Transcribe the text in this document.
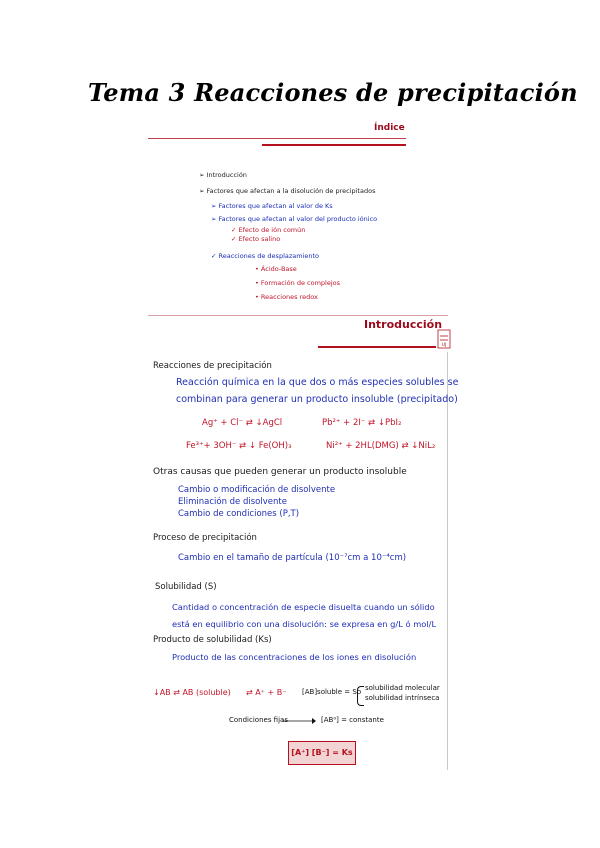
Tema 3 Reacciones de precipitación
Índice
➢ Introducción
➢ Factores que afectan a la disolución de precipitados
➢ Factores que afectan al valor de Ks
➢ Factores que afectan al valor del producto iónico
✓ Efecto de ión común
✓ Efecto salino
✓ Reacciones de desplazamiento
• Ácido-Base
• Formación de complejos
• Reacciones redox
Introducción
UJ
Reacciones de precipitación
Reacción química en la que dos o más especies solubles se
combinan para generar un producto insoluble (precipitado)
Ag⁺ + Cl⁻ ⇄ ↓AgCl	Pb²⁺ + 2I⁻ ⇄ ↓PbI₂
Fe³⁺+ 3OH⁻ ⇄ ↓ Fe(OH)₃	Ni²⁺ + 2HL(DMG) ⇄ ↓NiL₂
Otras causas que pueden generar un producto insoluble
Cambio o modificación de disolvente
Eliminación de disolvente
Cambio de condiciones (P,T)
Proceso de precipitación
Cambio en el tamaño de partícula (10⁻⁷cm a 10⁻⁴cm)
Solubilidad (S)
Cantidad o concentración de especie disuelta cuando un sólido
está en equilibrio con una disolución: se expresa en g/L ó mol/L
Producto de solubilidad (Ks)
Producto de las concentraciones de los iones en disolución
↓AB ⇄ AB (soluble) ⇄ A⁺ + B⁻ [AB]soluble = So solubilidad molecular
solubilidad intrínseca
Condiciones fijas	[AB⁰] = constante
[A⁺] [B⁻] = Ks
